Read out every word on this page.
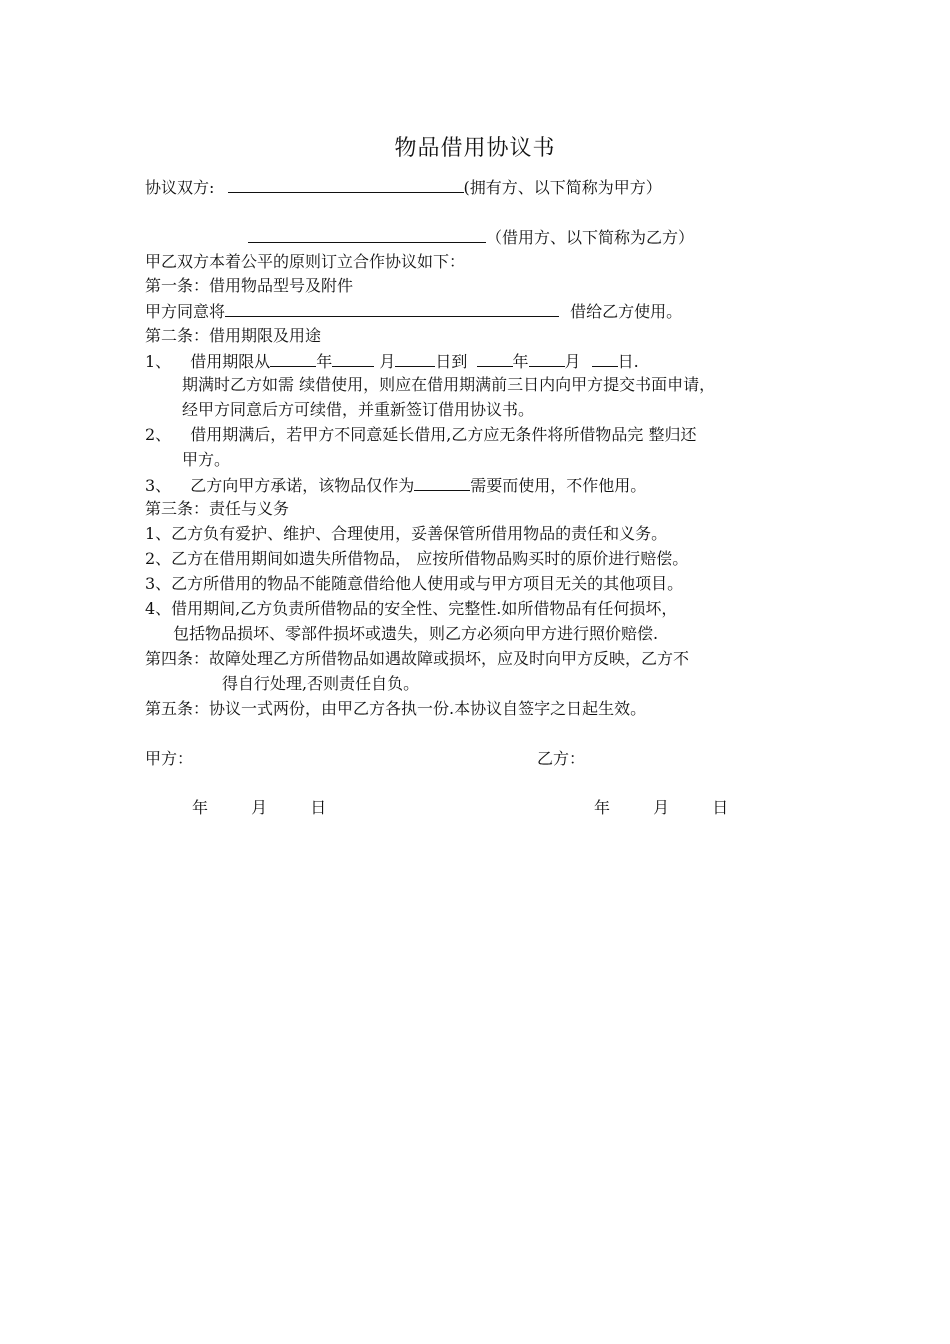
物品借用协议书
协议双方:	(拥有方、以下简称为甲方）
（借用方、以下简称为乙方）
甲乙双方本着公平的原则订立合作协议如下：
第一条：借用物品型号及附件
甲方同意将	借给乙方使用。
第二条：借用期限及用途
1、 借用期限从	年	月	日到	年 月 日.
期满时乙方如需 续借使用，则应在借用期满前三日内向甲方提交书面申请，
经甲方同意后方可续借，并重新签订借用协议书。
2、 借用期满后，若甲方不同意延长借用,乙方应无条件将所借物品完 整归还
甲方。
3、 乙方向甲方承诺，该物品仅作为	需要而使用，不作他用。
第三条：责任与义务
1、乙方负有爱护、维护、合理使用，妥善保管所借用物品的责任和义务。
2、乙方在借用期间如遗失所借物品， 应按所借物品购买时的原价进行赔偿。
3、乙方所借用的物品不能随意借给他人使用或与甲方项目无关的其他项目。
4、借用期间,乙方负责所借物品的安全性、完整性.如所借物品有任何损坏，
包括物品损坏、零部件损坏或遗失，则乙方必须向甲方进行照价赔偿.
第四条：故障处理乙方所借物品如遇故障或损坏，应及时向甲方反映，乙方不
得自行处理,否则责任自负。
第五条：协议一式两份，由甲乙方各执一份.本协议自签字之日起生效。
甲方：	乙方：
年	月	日	年	月	日
